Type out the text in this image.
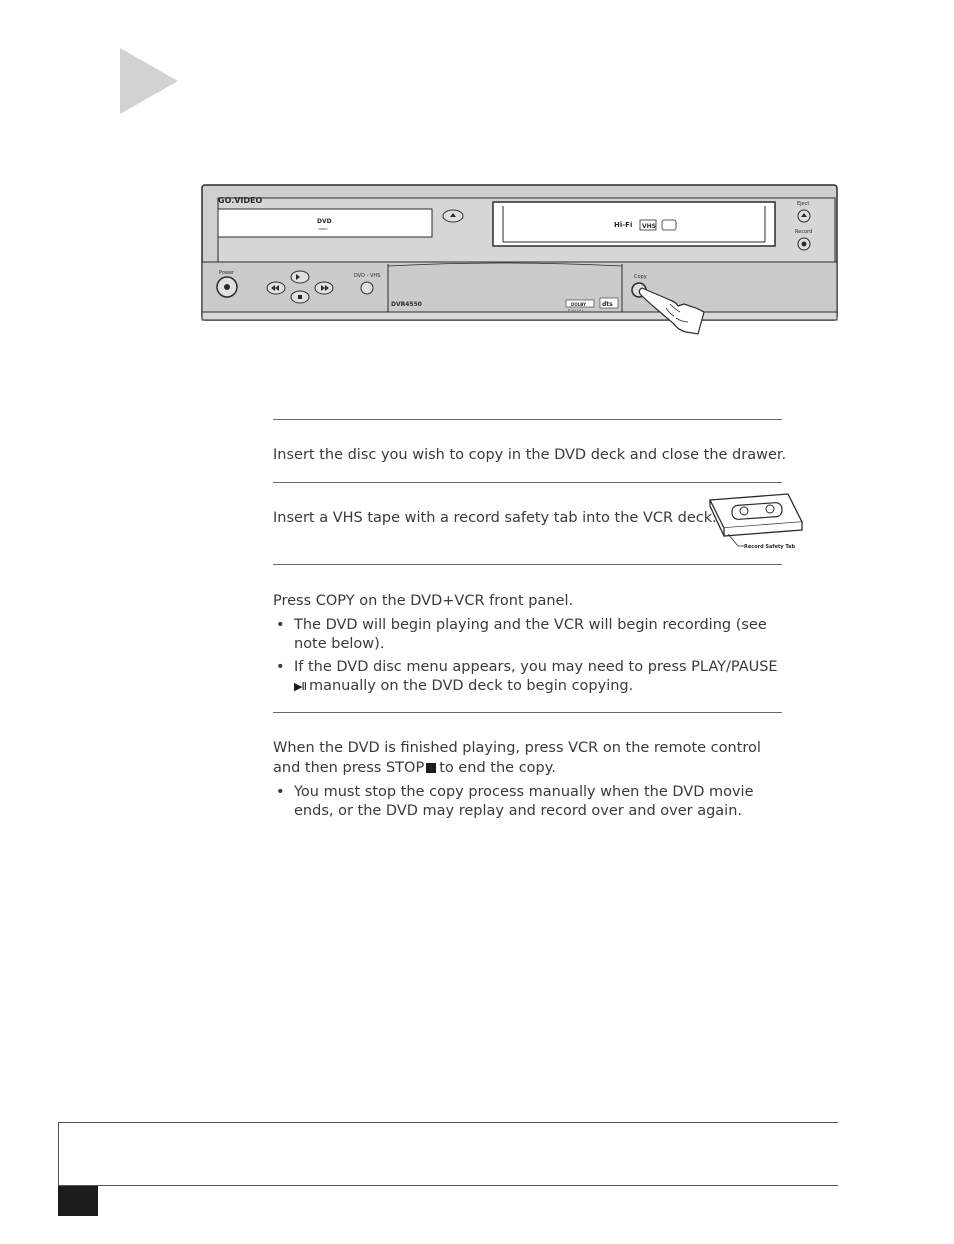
GO.VIDEO
DVD
VIDEO	Hi-Fi VHS
Eject
Record
Power	DVD - VHS
DVR4550	DOLBY
D I G I T A L
dts
Copy

Insert the disc you wish to copy in the DVD deck and close the drawer.

Insert a VHS tape with a record safety tab into the VCR deck.

Record Safety Tab

Press COPY on the DVD+VCR front panel.

• The DVD will begin playing and the VCR will begin recording (see note below).
• If the DVD disc menu appears, you may need to press PLAY/PAUSE
▶II manually on the DVD deck to begin copying.

When the DVD is finished playing, press VCR on the remote control
and then press STOP to end the copy.

• You must stop the copy process manually when the DVD movie ends, or the DVD may replay and record over and over again.
